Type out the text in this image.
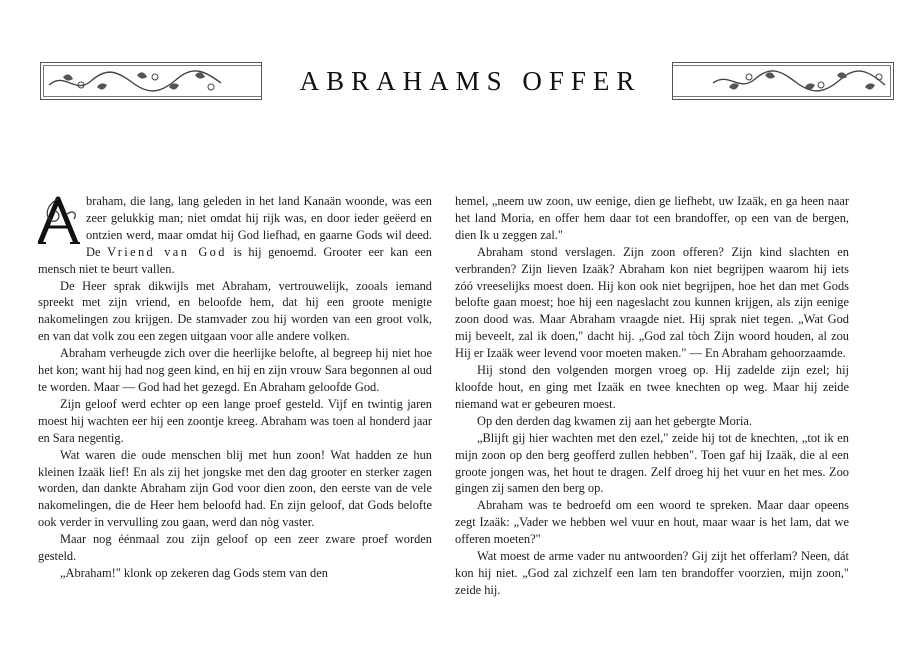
ABRAHAMS OFFER

A
braham, die lang, lang geleden in het land Kanaän woonde, was een zeer gelukkig man; niet omdat hij rijk was, en door ieder geëerd en ontzien werd, maar omdat hij God liefhad, en gaarne Gods wil deed. De Vriend van God is hij genoemd. Grooter eer kan een mensch niet te beurt vallen.

De Heer sprak dikwijls met Abraham, vertrouwelijk, zooals iemand spreekt met zijn vriend, en beloofde hem, dat hij een groote menigte nakomelingen zou krijgen. De stamvader zou hij worden van een groot volk, en van dat volk zou een zegen uitgaan voor alle andere volken.

Abraham verheugde zich over die heerlijke belofte, al begreep hij niet hoe het kon; want hij had nog geen kind, en hij en zijn vrouw Sara begonnen al oud te worden. Maar — God had het gezegd. En Abraham geloofde God.

Zijn geloof werd echter op een lange proef gesteld. Vijf en twintig jaren moest hij wachten eer hij een zoontje kreeg. Abraham was toen al honderd jaar en Sara negentig.

Wat waren die oude menschen blij met hun zoon! Wat hadden ze hun kleinen Izaäk lief! En als zij het jongske met den dag grooter en sterker zagen worden, dan dankte Abraham zijn God voor dien zoon, den eerste van de vele nakomelingen, die de Heer hem beloofd had. En zijn geloof, dat Gods belofte ook verder in vervulling zou gaan, werd dan nòg vaster.

Maar nog éénmaal zou zijn geloof op een zeer zware proef worden gesteld.

„Abraham!" klonk op zekeren dag Gods stem van den

hemel, „neem uw zoon, uw eenige, dien ge liefhebt, uw Izaäk, en ga heen naar het land Moria, en offer hem daar tot een brandoffer, op een van de bergen, dien Ik u zeggen zal."

Abraham stond verslagen. Zijn zoon offeren? Zijn kind slachten en verbranden? Zijn lieven Izaäk? Abraham kon niet begrijpen waarom hij iets zóó vreeselijks moest doen. Hij kon ook niet begrijpen, hoe het dan met Gods belofte gaan moest; hoe hij een nageslacht zou kunnen krijgen, als zijn eenige zoon dood was. Maar Abraham vraagde niet. Hij sprak niet tegen. „Wat God mij beveelt, zal ik doen," dacht hij. „God zal tòch Zijn woord houden, al zou Hij er Izaäk weer levend voor moeten maken." — En Abraham gehoorzaamde.

Hij stond den volgenden morgen vroeg op. Hij zadelde zijn ezel; hij kloofde hout, en ging met Izaäk en twee knechten op weg. Maar hij zeide niemand wat er gebeuren moest.

Op den derden dag kwamen zij aan het gebergte Moria.

„Blijft gij hier wachten met den ezel," zeide hij tot de knechten, „tot ik en mijn zoon op den berg geofferd zullen hebben". Toen gaf hij Izaäk, die al een groote jongen was, het hout te dragen. Zelf droeg hij het vuur en het mes. Zoo gingen zij samen den berg op.

Abraham was te bedroefd om een woord te spreken. Maar daar opeens zegt Izaäk: „Vader we hebben wel vuur en hout, maar waar is het lam, dat we offeren moeten?"

Wat moest de arme vader nu antwoorden? Gij zijt het offerlam? Neen, dát kon hij niet. „God zal zichzelf een lam ten brandoffer voorzien, mijn zoon," zeide hij.
